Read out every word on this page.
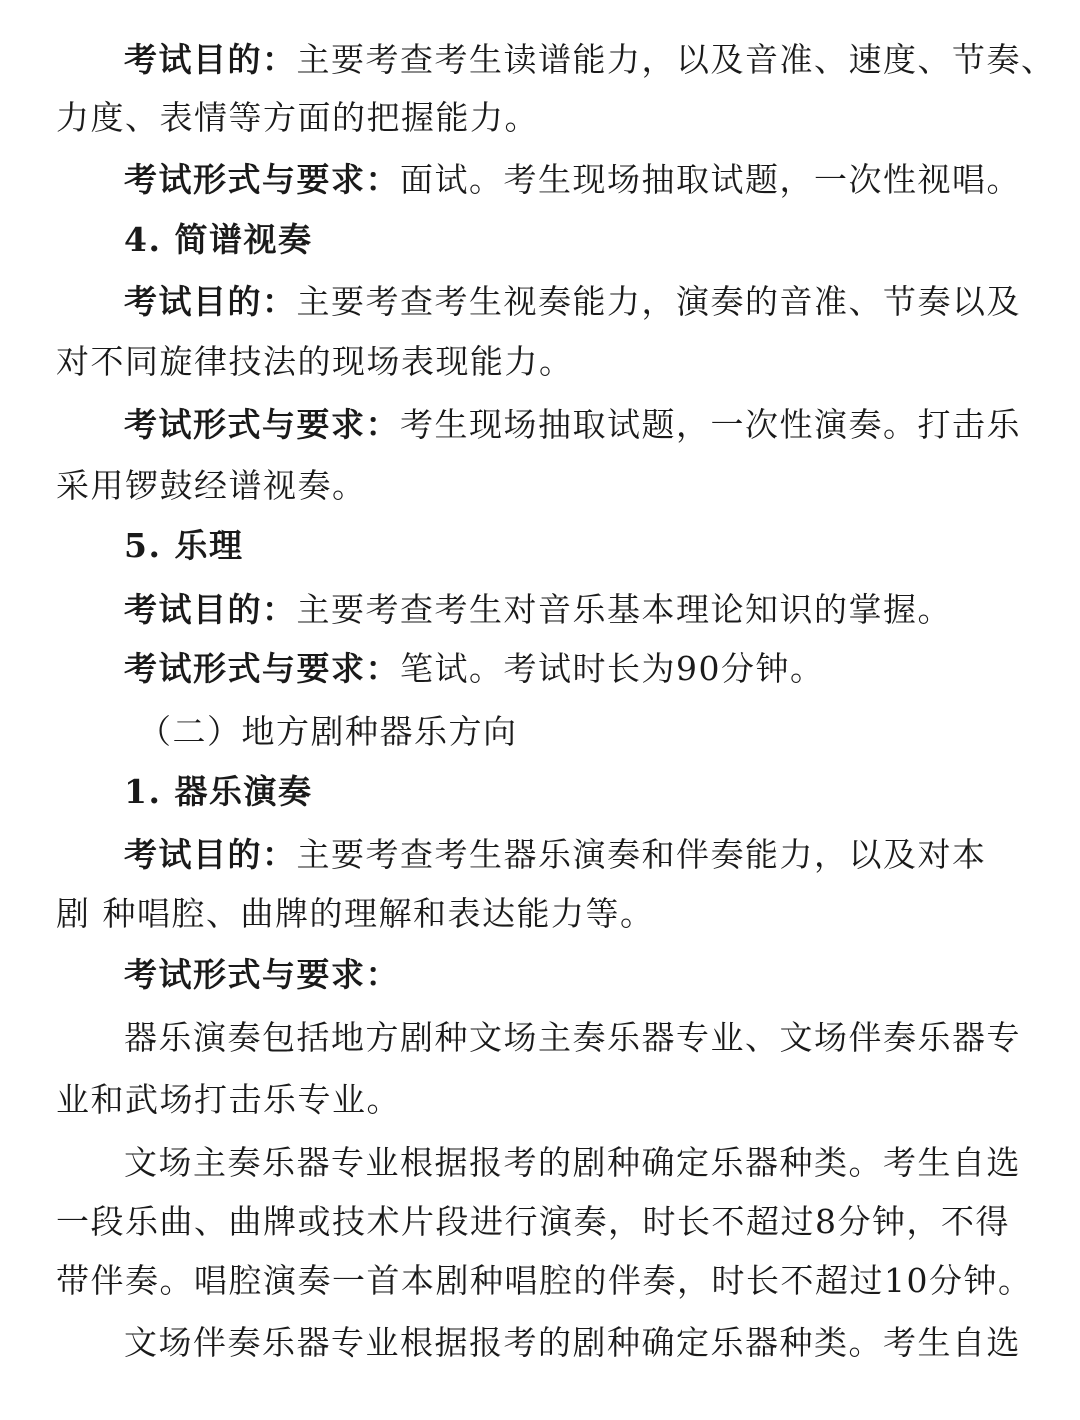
考试目的：主要考查考生读谱能力，以及音准、速度、节奏、
力度、表情等方面的把握能力。
考试形式与要求：面试。考生现场抽取试题，一次性视唱。
4. 简谱视奏
考试目的：主要考查考生视奏能力，演奏的音准、节奏以及
对不同旋律技法的现场表现能力。
考试形式与要求：考生现场抽取试题，一次性演奏。打击乐
采用锣鼓经谱视奏。
5. 乐理
考试目的：主要考查考生对音乐基本理论知识的掌握。
考试形式与要求：笔试。考试时长为90分钟。
（二）地方剧种器乐方向
1. 器乐演奏
考试目的：主要考查考生器乐演奏和伴奏能力，以及对本
剧 种唱腔、曲牌的理解和表达能力等。
考试形式与要求：
器乐演奏包括地方剧种文场主奏乐器专业、文场伴奏乐器专
业和武场打击乐专业。
文场主奏乐器专业根据报考的剧种确定乐器种类。考生自选
一段乐曲、曲牌或技术片段进行演奏，时长不超过8分钟，不得
带伴奏。唱腔演奏一首本剧种唱腔的伴奏，时长不超过10分钟。
文场伴奏乐器专业根据报考的剧种确定乐器种类。考生自选
